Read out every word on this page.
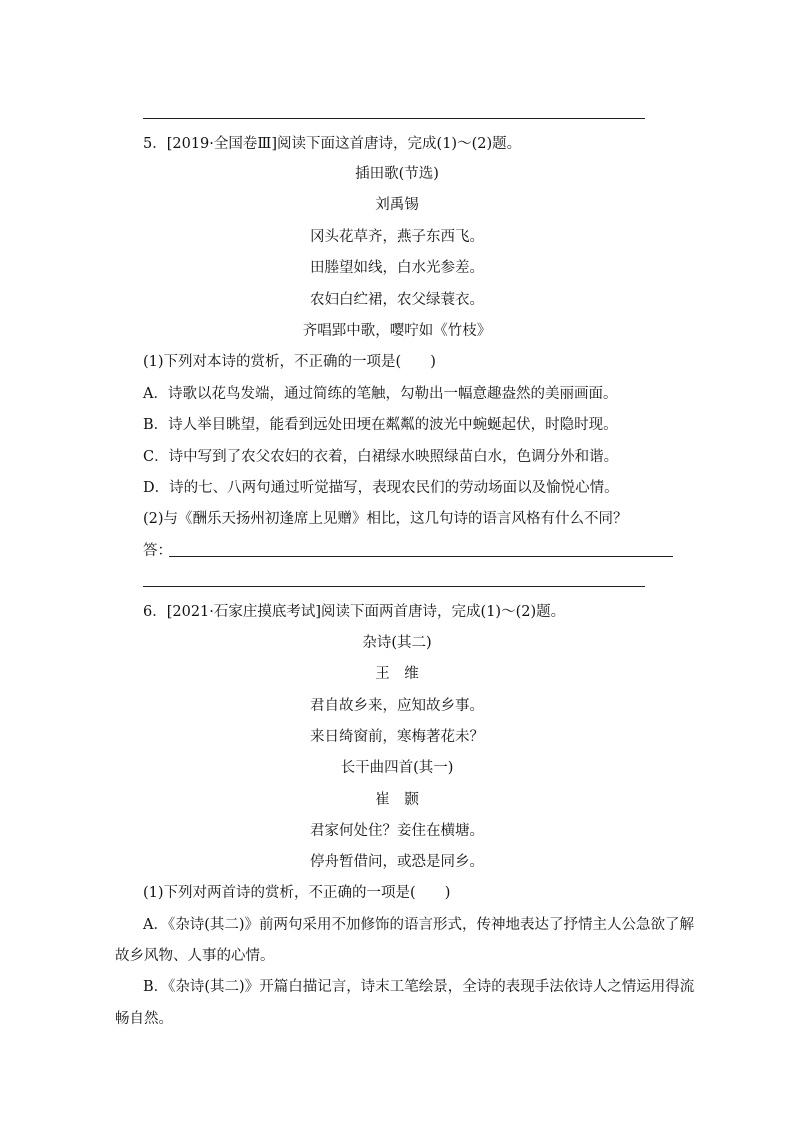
5．[2019·全国卷Ⅲ]阅读下面这首唐诗，完成(1)～(2)题。
插田歌(节选)
刘禹锡
冈头花草齐，燕子东西飞。
田塍望如线，白水光参差。
农妇白纻裙，农父绿蓑衣。
齐唱郢中歌，嘤咛如《竹枝》
(1)下列对本诗的赏析，不正确的一项是(　　)
A．诗歌以花鸟发端，通过简练的笔触，勾勒出一幅意趣盎然的美丽画面。
B．诗人举目眺望，能看到远处田埂在粼粼的波光中蜿蜒起伏，时隐时现。
C．诗中写到了农父农妇的衣着，白裙绿水映照绿苗白水，色调分外和谐。
D．诗的七、八两句通过听觉描写，表现农民们的劳动场面以及愉悦心情。
(2)与《酬乐天扬州初逢席上见赠》相比，这几句诗的语言风格有什么不同？
答：
6．[2021·石家庄摸底考试]阅读下面两首唐诗，完成(1)～(2)题。
杂诗(其二)
王　维
君自故乡来，应知故乡事。
来日绮窗前，寒梅著花未？
长干曲四首(其一)
崔　颢
君家何处住？妾住在横塘。
停舟暂借问，或恐是同乡。
(1)下列对两首诗的赏析，不正确的一项是(　　)
A．《杂诗(其二)》前两句采用不加修饰的语言形式，传神地表达了抒情主人公急欲了解
故乡风物、人事的心情。
B．《杂诗(其二)》开篇白描记言，诗末工笔绘景，全诗的表现手法依诗人之情运用得流
畅自然。
